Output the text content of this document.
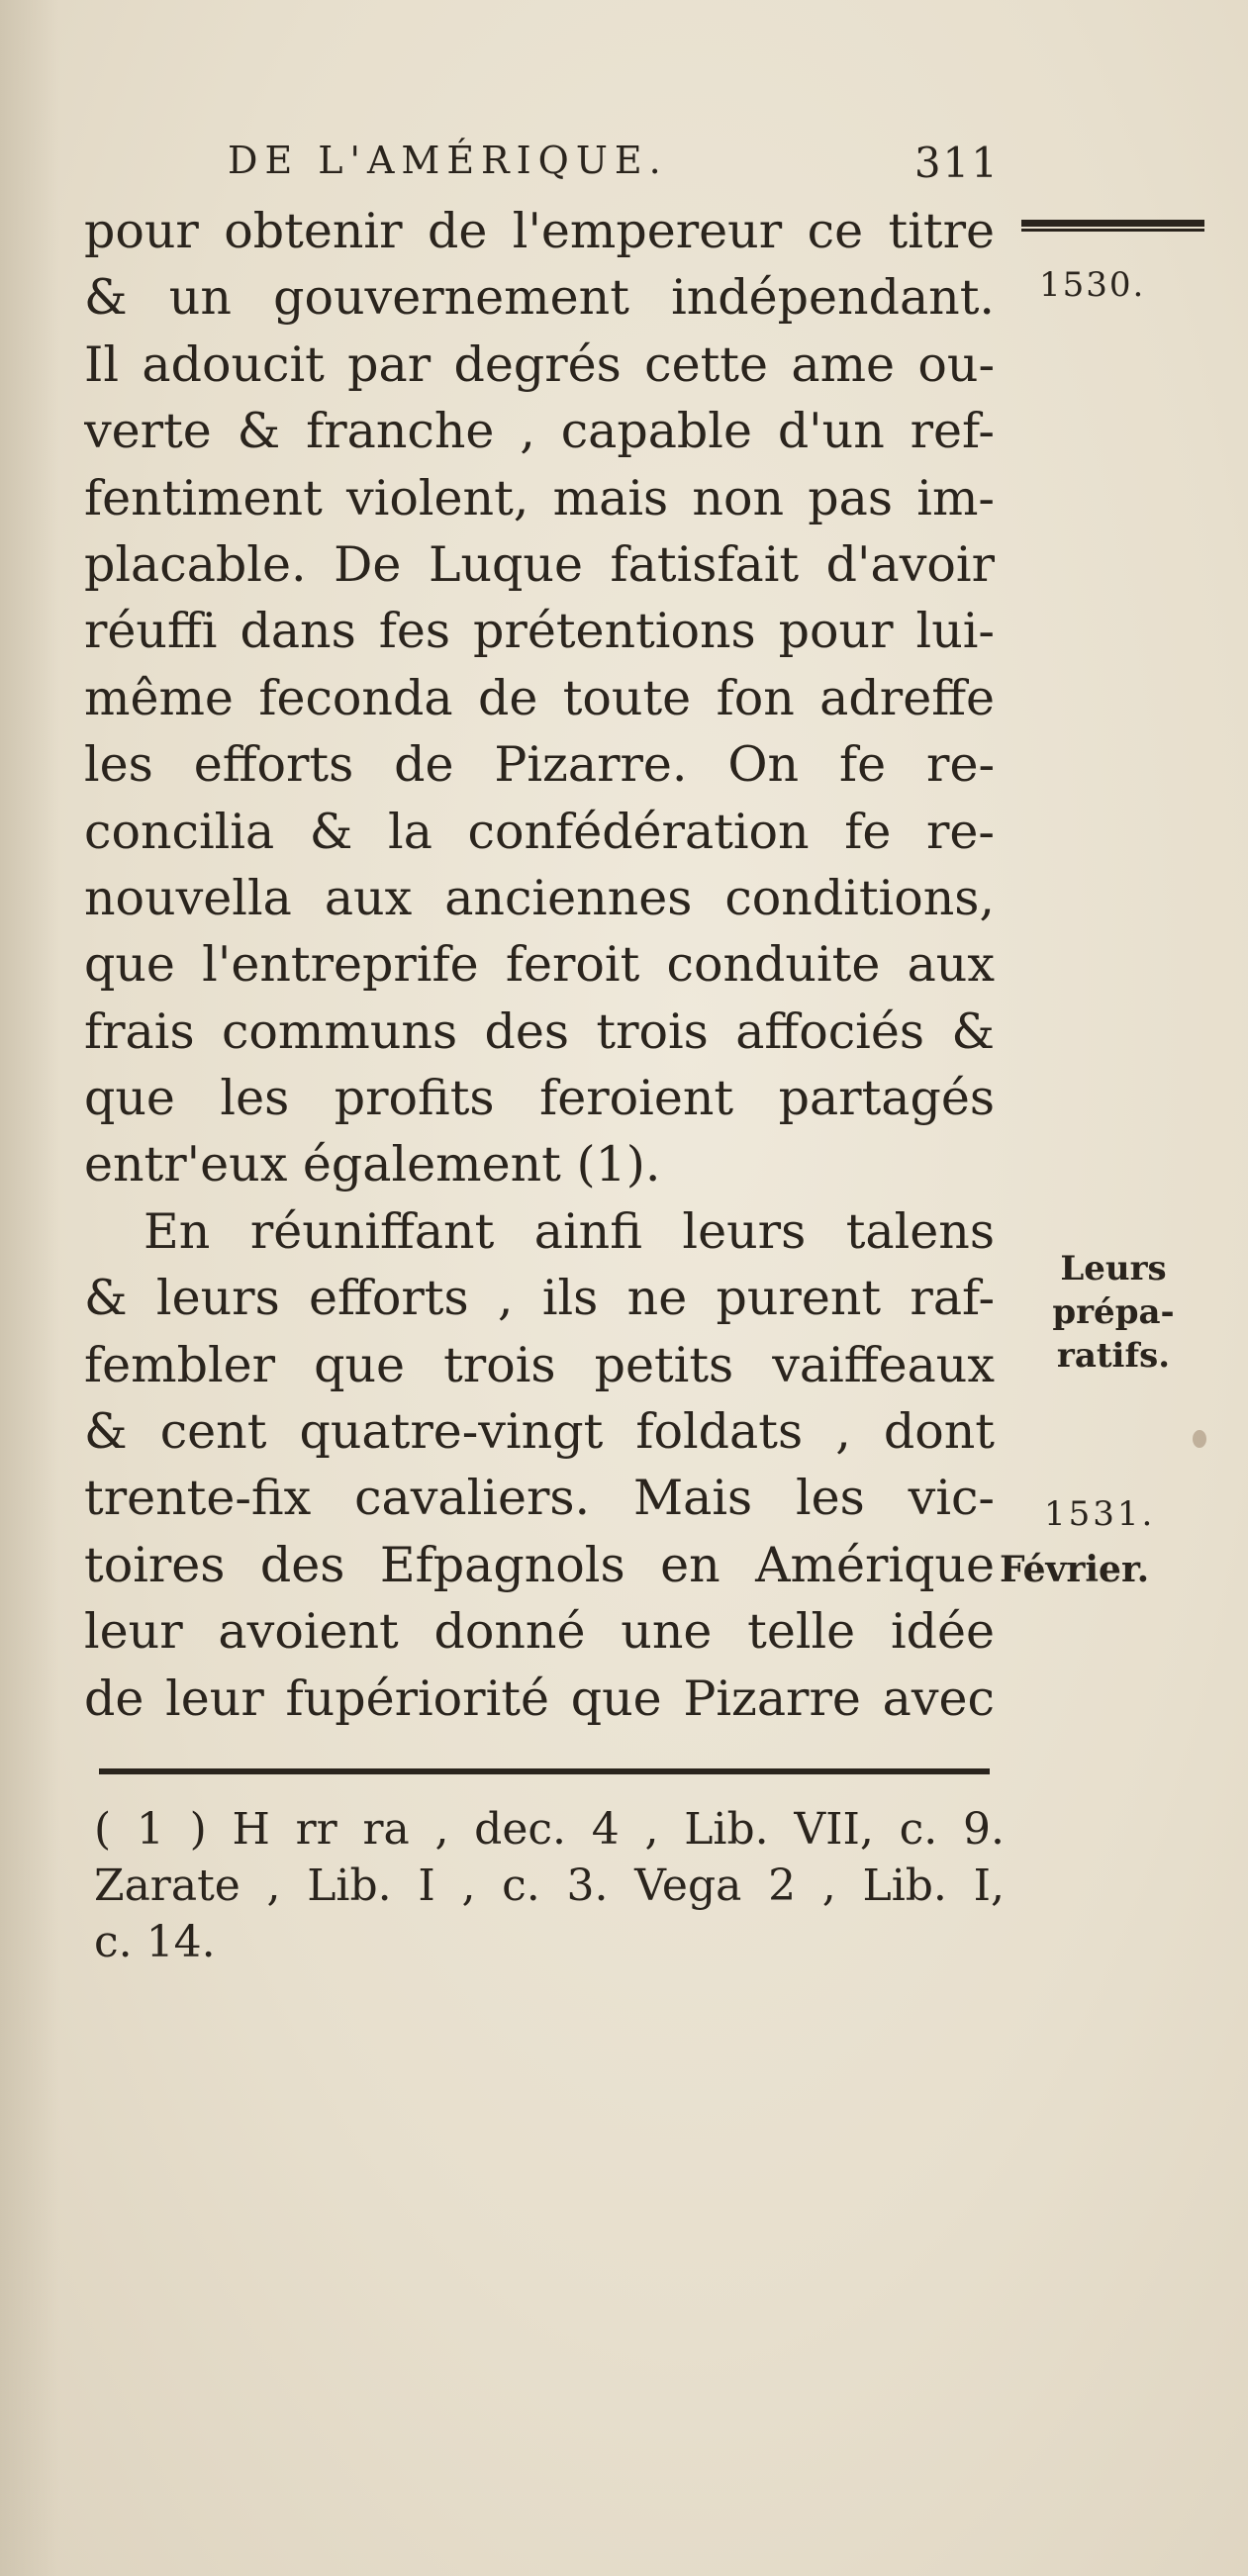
DE L'AMÉRIQUE.	311
1530.
Leurs
prépa-
ratifs.
1531.
Février.
pour obtenir de l'empereur ce titre
& un gouvernement indépendant.
Il adoucit par degrés cette ame ou-
verte & franche , capable d'un ref-
fentiment violent, mais non pas im-
placable. De Luque fatisfait d'avoir
réuffi dans fes prétentions pour lui-
même feconda de toute fon adreffe
les efforts de Pizarre. On fe re-
concilia & la confédération fe re-
nouvella aux anciennes conditions,
que l'entreprife feroit conduite aux
frais communs des trois affociés &
que les profits feroient partagés
entr'eux également (1).
En réuniffant ainfi leurs talens
& leurs efforts , ils ne purent raf-
fembler que trois petits vaiffeaux
& cent quatre-vingt foldats , dont
trente-fix cavaliers. Mais les vic-
toires des Efpagnols en Amérique
leur avoient donné une telle idée
de leur fupériorité que Pizarre avec
( 1 ) H rr ra , dec. 4 , Lib. VII, c. 9.
Zarate , Lib. I , c. 3. Vega 2 , Lib. I,
c. 14.
